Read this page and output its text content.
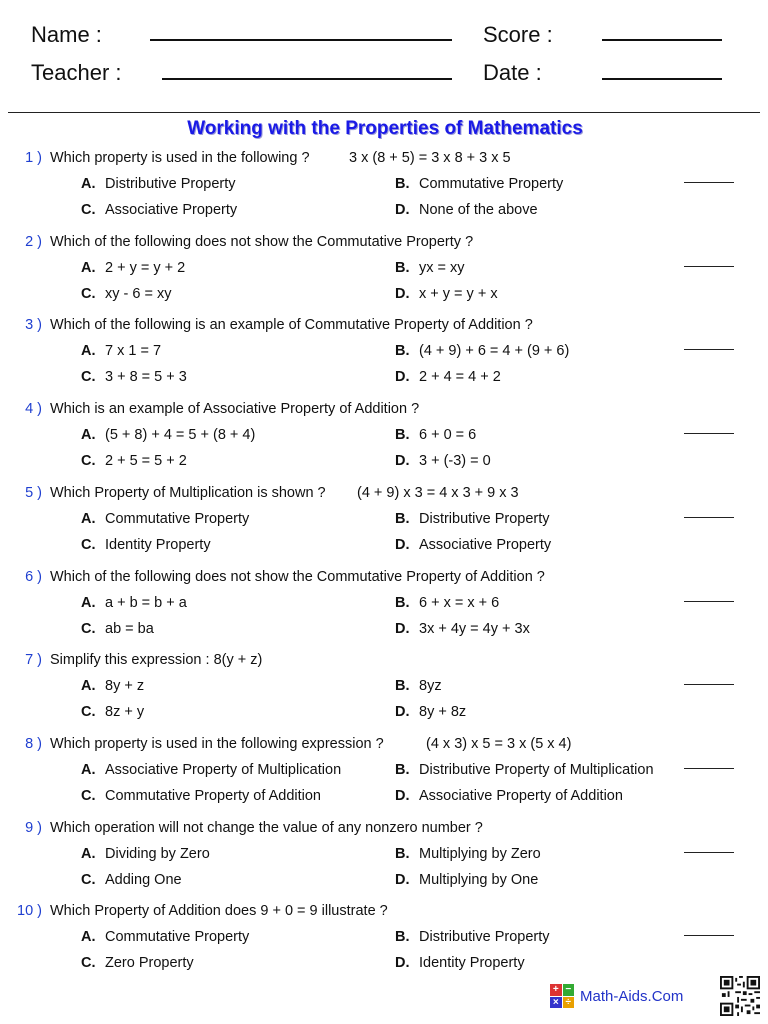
Name :	Score :
Teacher :	Date :
Working with the Properties of Mathematics
1 ) Which property is used in the following ?	3 x (8 + 5) = 3 x 8 + 3 x 5
A. Distributive Property	B. Commutative Property
C. Associative Property	D. None of the above
2 ) Which of the following does not show the Commutative Property ?
A. 2 + y = y + 2	B. yx = xy
C. xy - 6 = xy	D. x + y = y + x
3 ) Which of the following is an example of Commutative Property of Addition ?
A. 7 x 1 = 7	B. (4 + 9) + 6 = 4 + (9 + 6)
C. 3 + 8 = 5 + 3	D. 2 + 4 = 4 + 2
4 ) Which is an example of Associative Property of Addition ?
A. (5 + 8) + 4 = 5 + (8 + 4)	B. 6 + 0 = 6
C. 2 + 5 = 5 + 2	D. 3 + (-3) = 0
5 ) Which Property of Multiplication is shown ? (4 + 9) x 3 = 4 x 3 + 9 x 3
A. Commutative Property	B. Distributive Property
C. Identity Property	D. Associative Property
6 ) Which of the following does not show the Commutative Property of Addition ?
A. a + b = b + a	B. 6 + x = x + 6
C. ab = ba	D. 3x + 4y = 4y + 3x
7 ) Simplify this expression : 8(y + z)
A. 8y + z	B. 8yz
C. 8z + y	D. 8y + 8z
8 ) Which property is used in the following expression ?	(4 x 3) x 5 = 3 x (5 x 4)
A. Associative Property of Multiplication	B. Distributive Property of Multiplication
C. Commutative Property of Addition	D. Associative Property of Addition
9 ) Which operation will not change the value of any nonzero number ?
A. Dividing by Zero	B. Multiplying by Zero
C. Adding One	D. Multiplying by One
10 ) Which Property of Addition does 9 + 0 = 9 illustrate ?
A. Commutative Property	B. Distributive Property
C. Zero Property	D. Identity Property
+ −
× ÷ Math-Aids.Com
